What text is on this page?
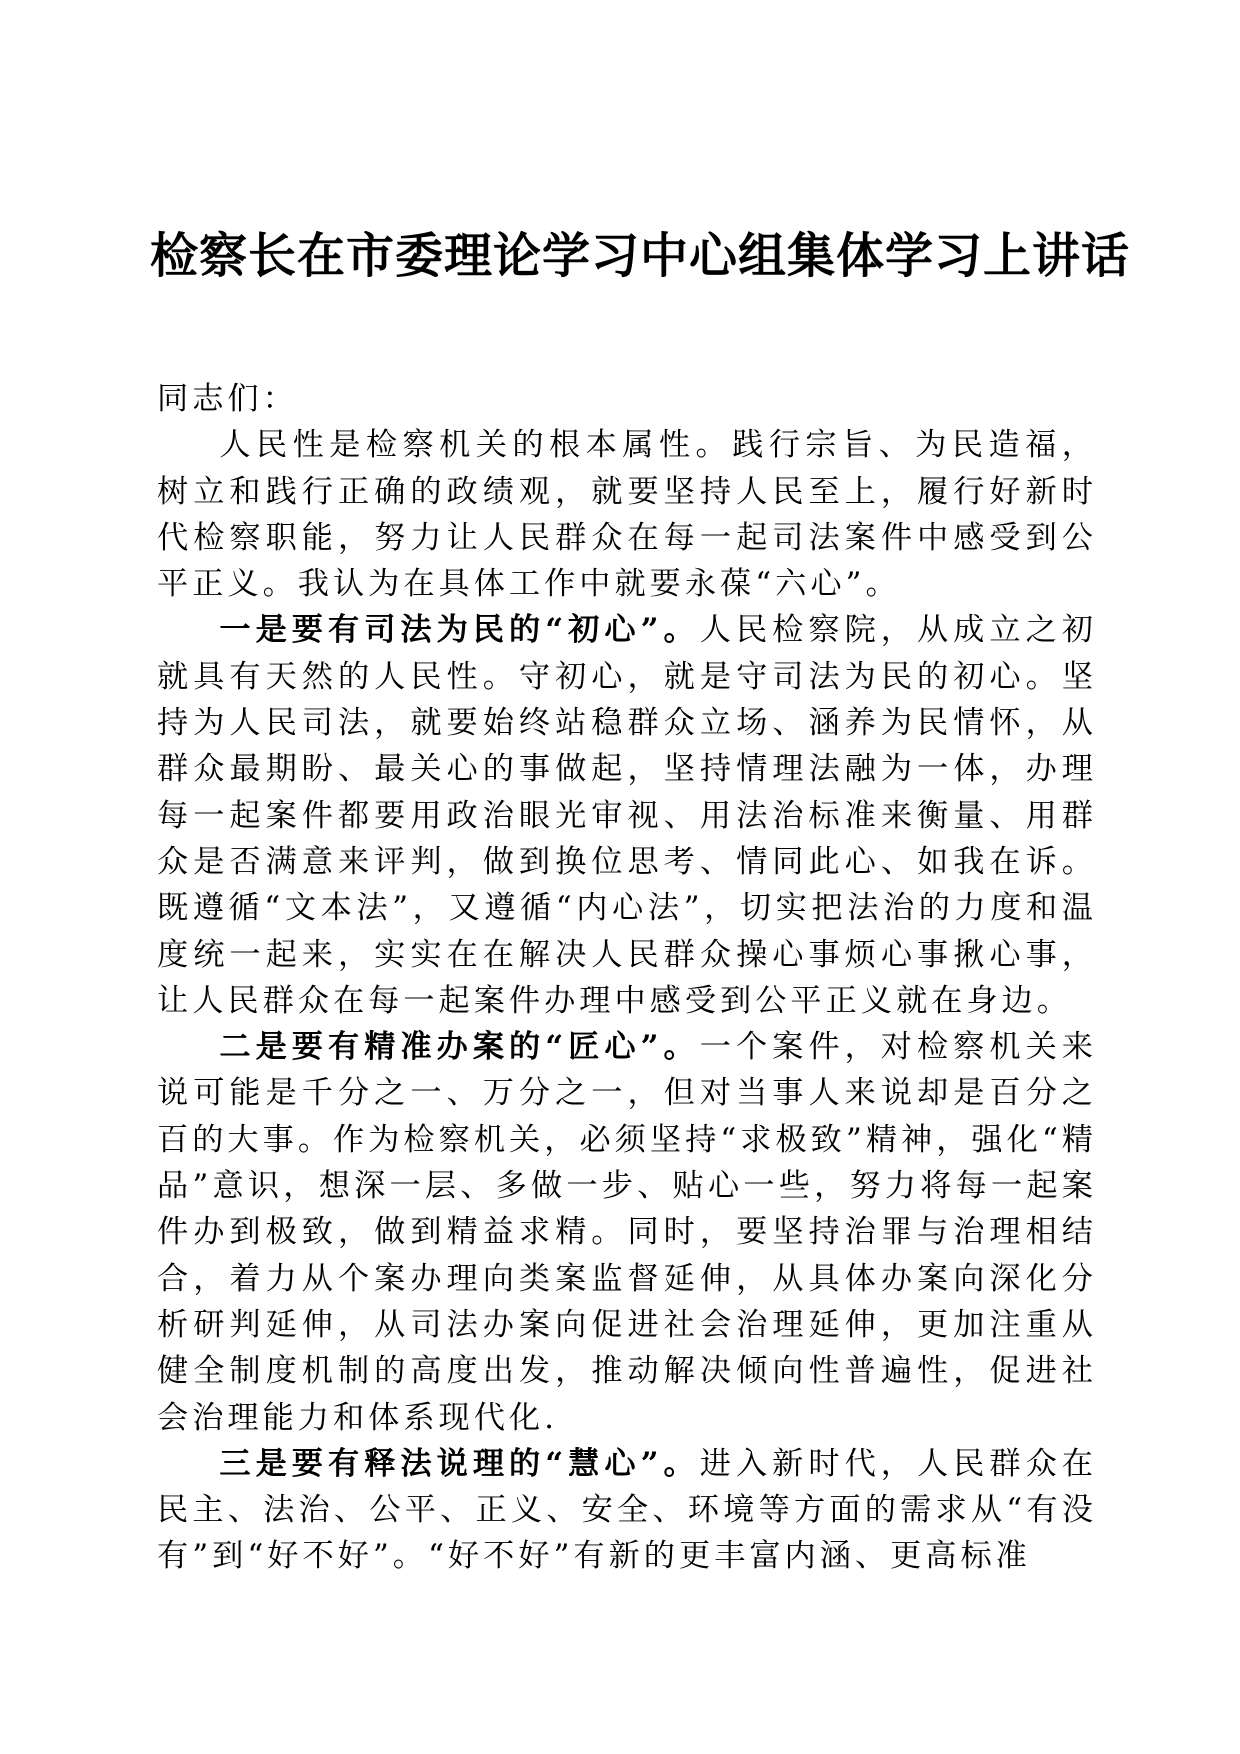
检察长在市委理论学习中心组集体学习上讲话

同志们：

人民性是检察机关的根本属性。践行宗旨、为民造福，树立和践行正确的政绩观，就要坚持人民至上，履行好新时代检察职能，努力让人民群众在每一起司法案件中感受到公平正义。我认为在具体工作中就要永葆“六心”。

一是要有司法为民的“初心”。人民检察院，从成立之初就具有天然的人民性。守初心，就是守司法为民的初心。坚持为人民司法，就要始终站稳群众立场、涵养为民情怀，从群众最期盼、最关心的事做起，坚持情理法融为一体，办理每一起案件都要用政治眼光审视、用法治标准来衡量、用群众是否满意来评判，做到换位思考、情同此心、如我在诉。既遵循“文本法”，又遵循“内心法”，切实把法治的力度和温度统一起来，实实在在解决人民群众操心事烦心事揪心事，让人民群众在每一起案件办理中感受到公平正义就在身边。

二是要有精准办案的“匠心”。一个案件，对检察机关来说可能是千分之一、万分之一，但对当事人来说却是百分之百的大事。作为检察机关，必须坚持“求极致”精神，强化“精品”意识，想深一层、多做一步、贴心一些，努力将每一起案件办到极致，做到精益求精。同时，要坚持治罪与治理相结合，着力从个案办理向类案监督延伸，从具体办案向深化分析研判延伸，从司法办案向促进社会治理延伸，更加注重从健全制度机制的高度出发，推动解决倾向性普遍性，促进社会治理能力和体系现代化.

三是要有释法说理的“慧心”。进入新时代，人民群众在民主、法治、公平、正义、安全、环境等方面的需求从“有没有”到“好不好”。“好不好”有新的更丰富内涵、更高标准
